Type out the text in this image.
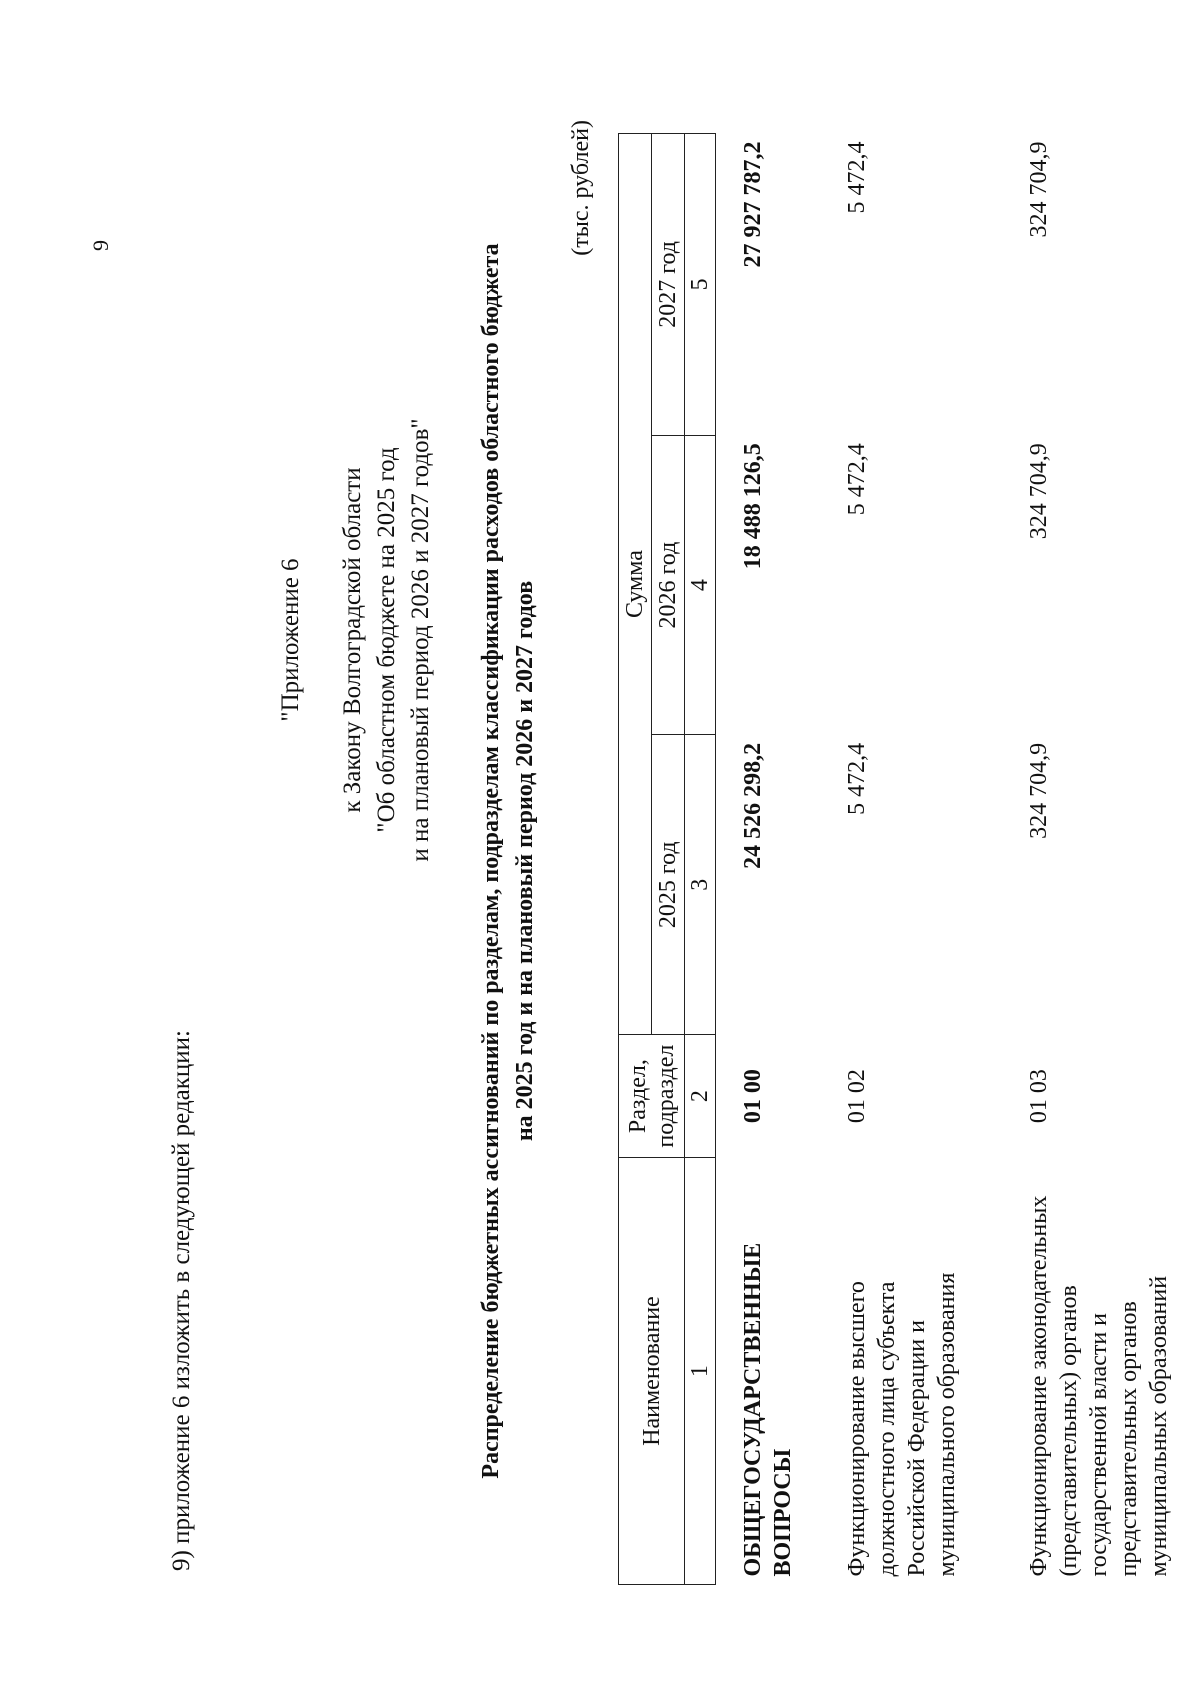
9
9) приложение 6 изложить в следующей редакции:
"Приложение 6 к Закону Волгоградской области "Об областном бюджете на 2025 год и на плановый период 2026 и 2027 годов" Распределение бюджетных ассигнований по разделам, подразделам классификации расходов областного бюджета на 2025 год и на плановый период 2026 и 2027 годов
(тыс. рублей)
Наименование	Раздел, подраздел	Сумма		
		2025 год	2026 год	2027 год
1	2	3	4	5

ОБЩЕГОСУДАРСТВЕННЫЕ ВОПРОСЫ	01 00	24 526 298,2	18 488 126,5	27 927 787,2

Функционирование высшего должностного лица субъекта Российской Федерации и муниципального образования	01 02	5 472,4	5 472,4	5 472,4

Функционирование законодательных (представительных) органов государственной власти и представительных органов муниципальных образований	01 03	324 704,9	324 704,9	324 704,9
